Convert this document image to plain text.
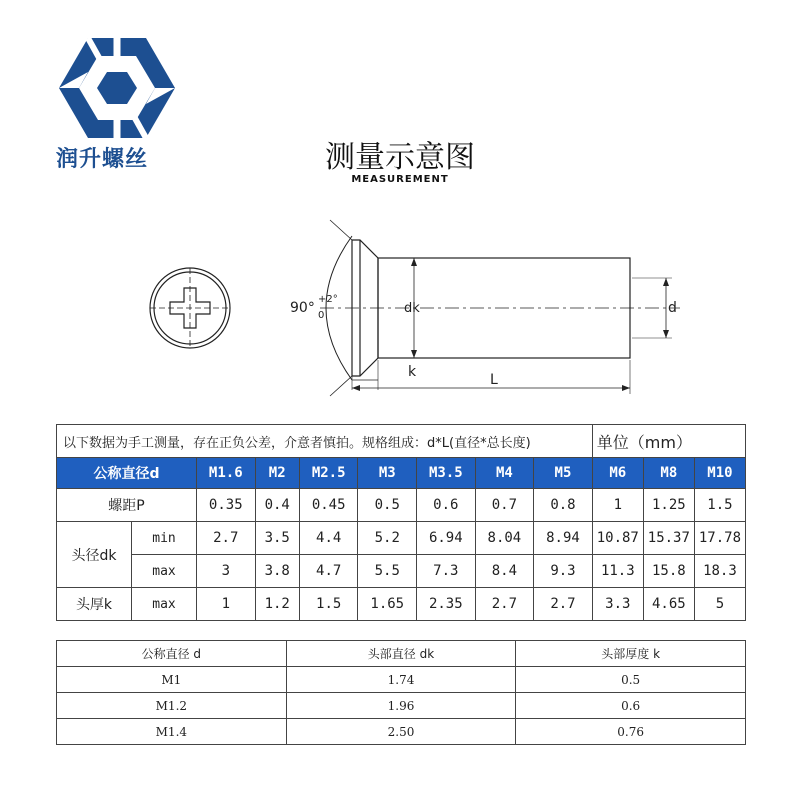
润升螺丝	测量示意图
MEASUREMENT
90°
+2°
0	dk	d
k	L
以下数据为手工测量，存在正负公差，介意者慎拍。规格组成：d*L(直径*总长度)									单位（mm）		
公称直径d		M1.6	M2	M2.5	M3	M3.5	M4	M5	M6	M8	M10
螺距P		0.35	0.4	0.45	0.5	0.6	0.7	0.8	1	1.25	1.5
头径dk	min	2.7	3.5	4.4	5.2	6.94	8.04	8.94	10.87	15.37	17.78
	max	3	3.8	4.7	5.5	7.3	8.4	9.3	11.3	15.8	18.3
头厚k	max	1	1.2	1.5	1.65	2.35	2.7	2.7	3.3	4.65	5
公称直径 d	头部直径 dk	头部厚度 k
M1	1.74	0.5
M1.2	1.96	0.6
M1.4	2.50	0.76
